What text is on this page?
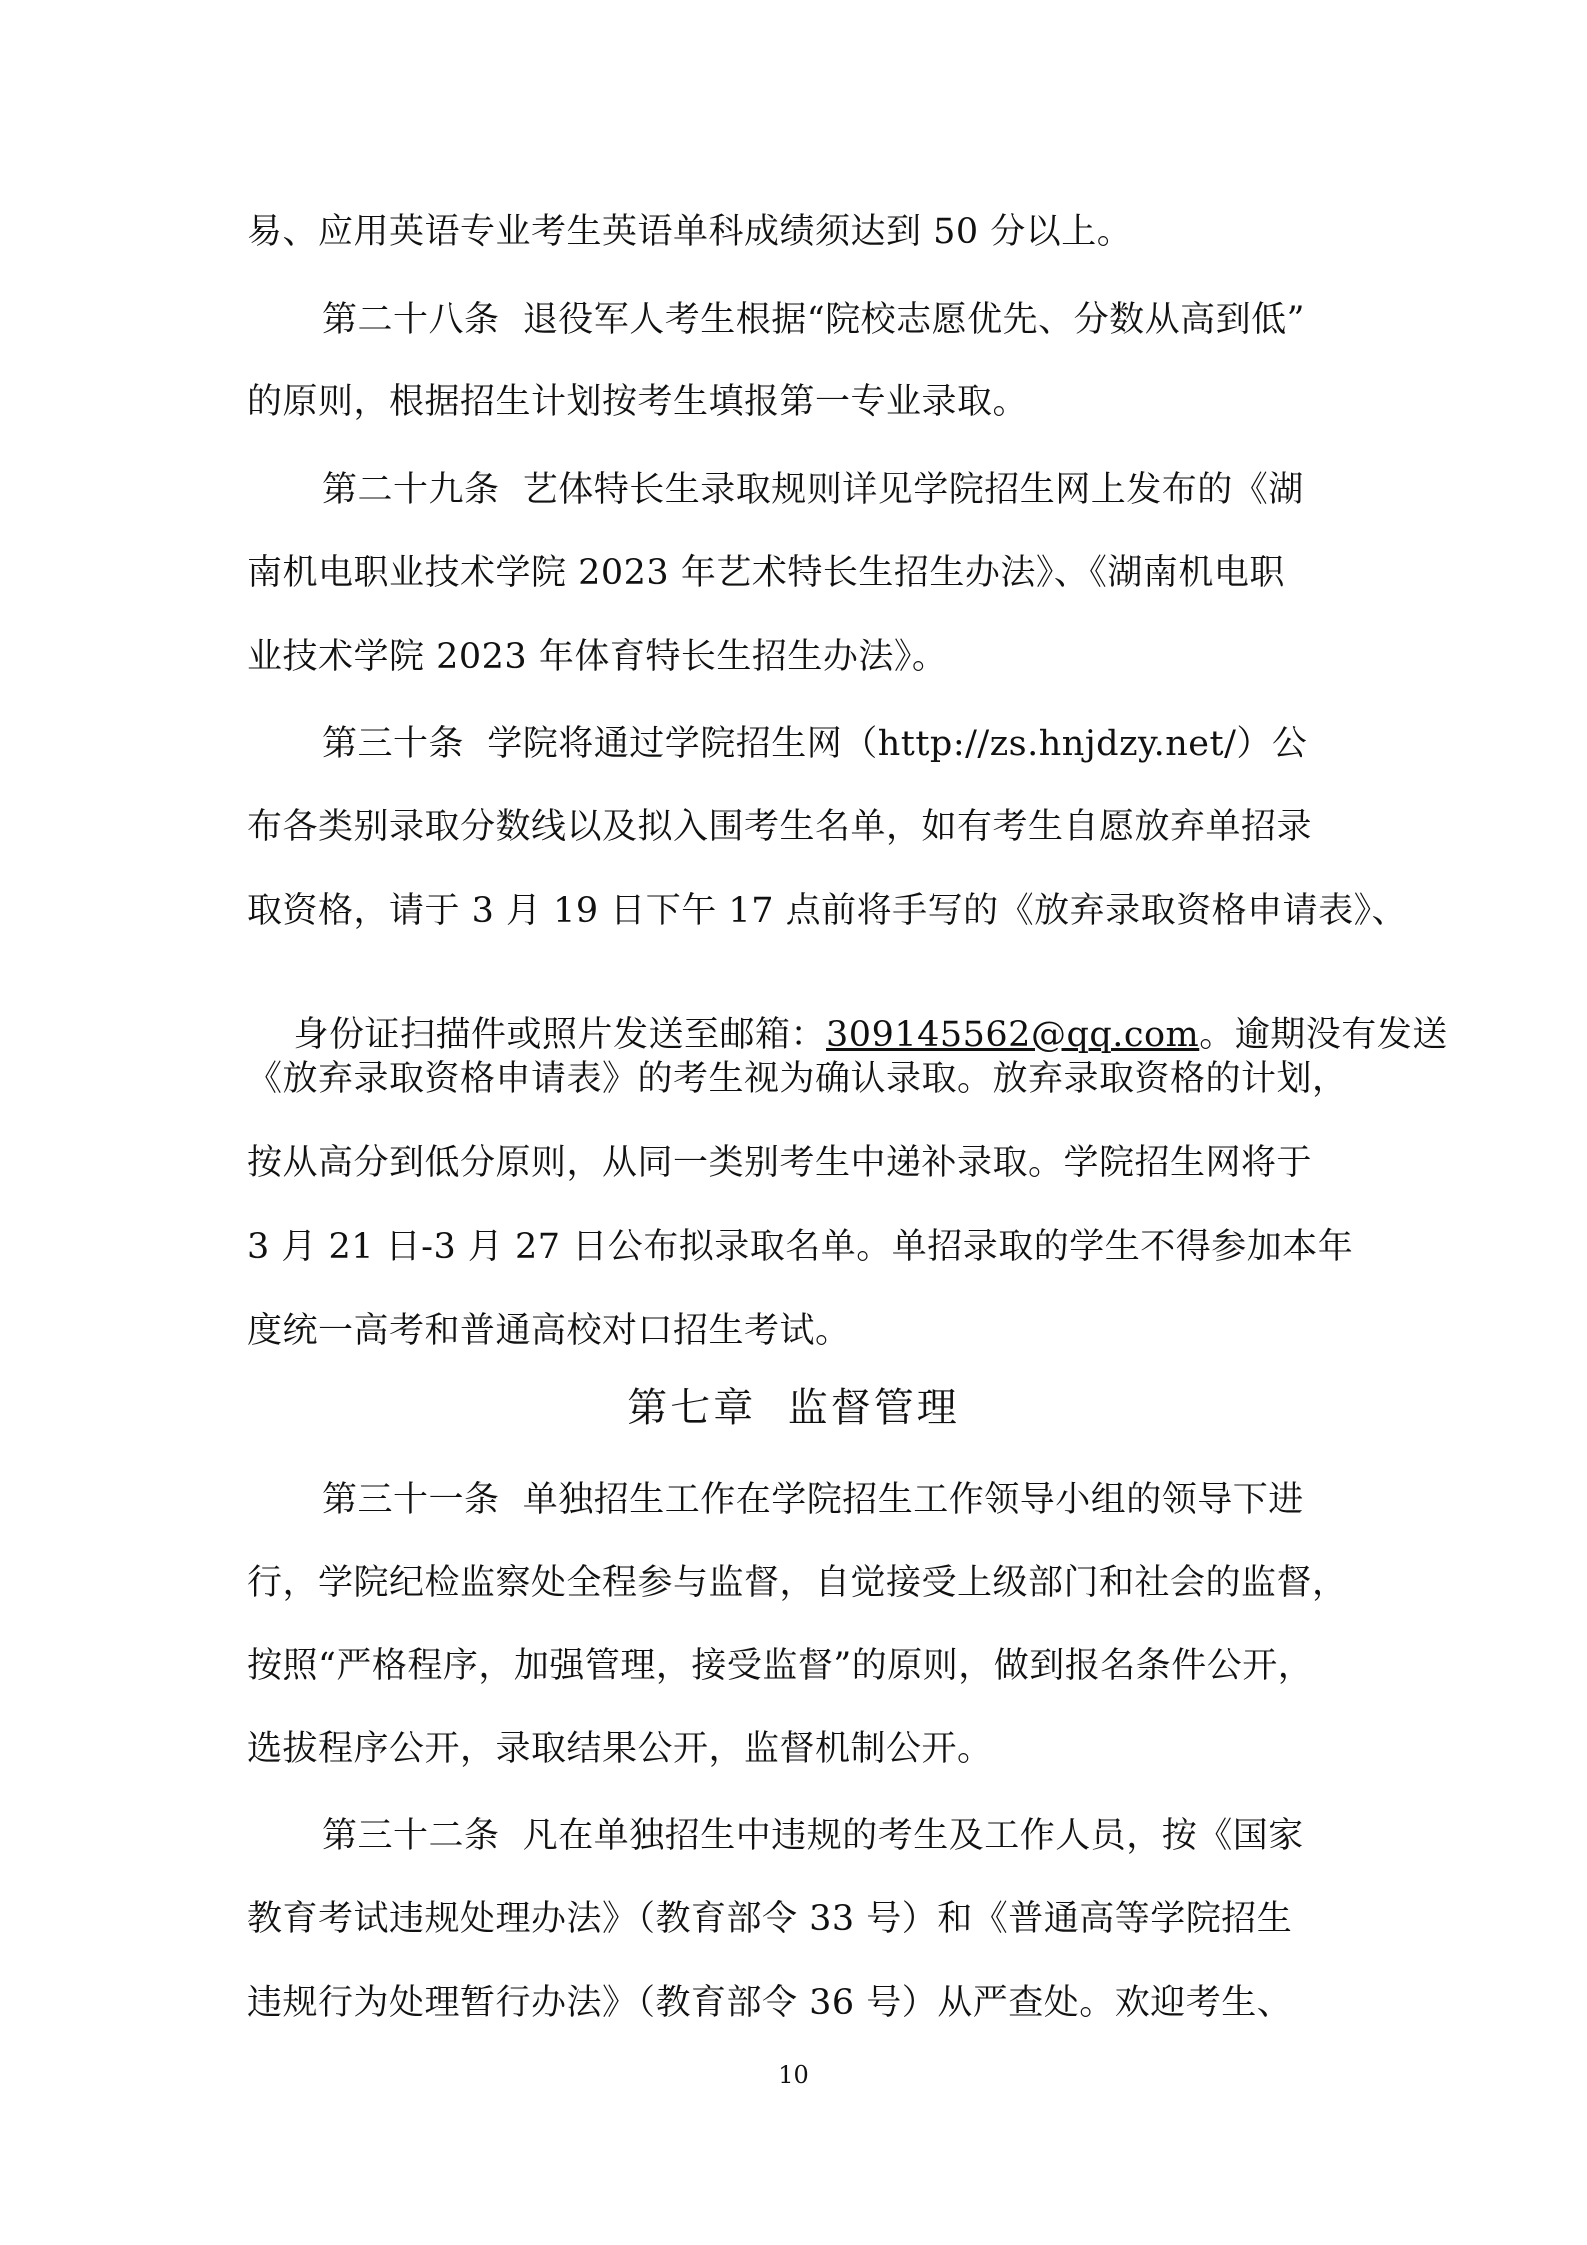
易、应用英语专业考生英语单科成绩须达到 50 分以上。
第二十八条  退役军人考生根据“院校志愿优先、分数从高到低”
的原则，根据招生计划按考生填报第一专业录取。
第二十九条  艺体特长生录取规则详见学院招生网上发布的《湖
南机电职业技术学院 2023 年艺术特长生招生办法》、《湖南机电职
业技术学院 2023 年体育特长生招生办法》。
第三十条  学院将通过学院招生网（http://zs.hnjdzy.net/）公
布各类别录取分数线以及拟入围考生名单，如有考生自愿放弃单招录
取资格，请于 3 月 19 日下午 17 点前将手写的《放弃录取资格申请表》、

身份证扫描件或照片发送至邮箱：309145562@qq.com。逾期没有发送

《放弃录取资格申请表》的考生视为确认录取。放弃录取资格的计划，
按从高分到低分原则，从同一类别考生中递补录取。学院招生网将于
3 月 21 日-3 月 27 日公布拟录取名单。单招录取的学生不得参加本年
度统一高考和普通高校对口招生考试。
第七章  监督管理
第三十一条  单独招生工作在学院招生工作领导小组的领导下进
行，学院纪检监察处全程参与监督，自觉接受上级部门和社会的监督，
按照“严格程序，加强管理，接受监督”的原则，做到报名条件公开，
选拔程序公开，录取结果公开，监督机制公开。
第三十二条  凡在单独招生中违规的考生及工作人员，按《国家
教育考试违规处理办法》（教育部令 33 号）和《普通高等学院招生
违规行为处理暂行办法》（教育部令 36 号）从严查处。欢迎考生、
10
